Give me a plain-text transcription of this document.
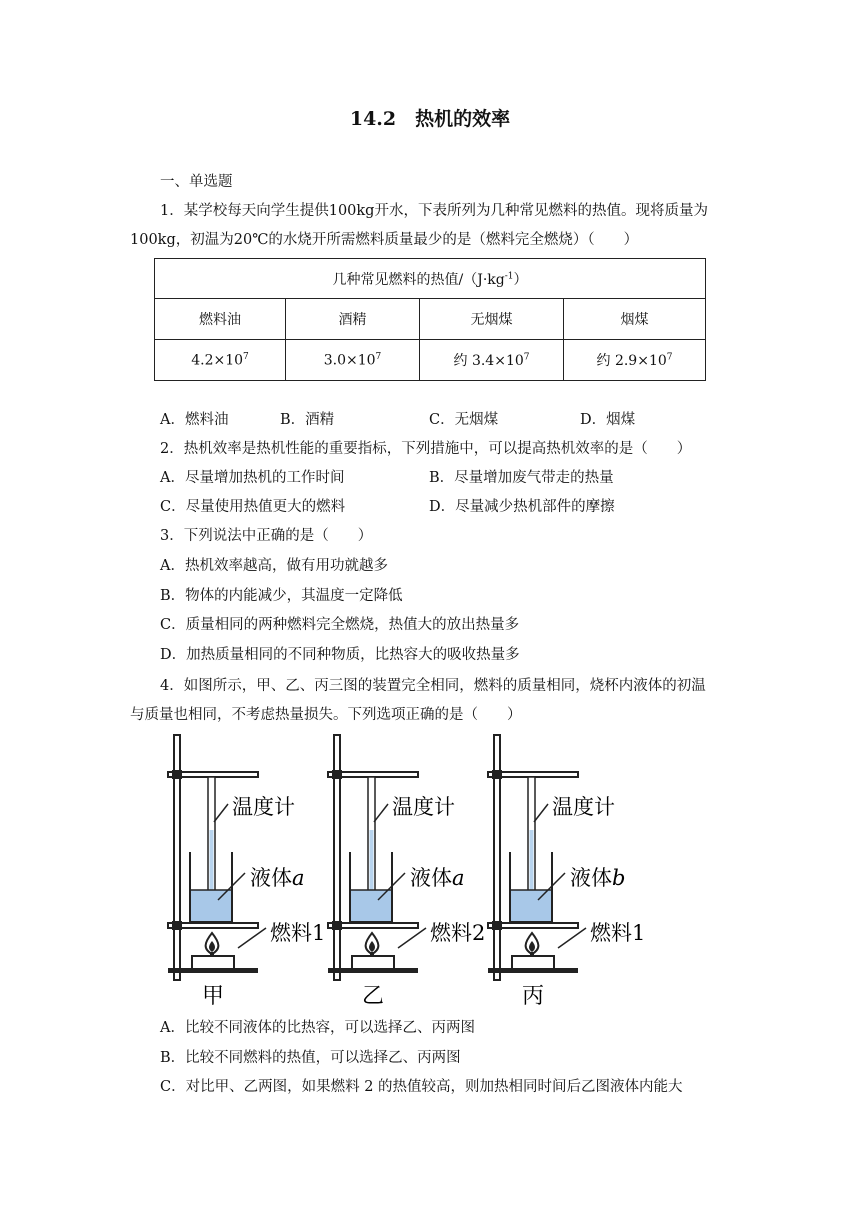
14.2　热机的效率
一、单选题
1．某学校每天向学生提供100kg开水，下表所列为几种常见燃料的热值。现将质量为
100kg，初温为20℃的水烧开所需燃料质量最少的是（燃料完全燃烧）（　　）
几种常见燃料的热值$/(J\cdot kg^{-1})$			
燃料油	酒精	无烟煤	烟煤
$4.2\times 10^7$	$3.0\times 10^7$	约 $3.4\times 10^7$	约 $2.9\times 10^7$
A．燃料油	B．酒精	C．无烟煤	D．烟煤
2．热机效率是热机性能的重要指标，下列措施中，可以提高热机效率的是（　　）
A．尽量增加热机的工作时间	B．尽量增加废气带走的热量
C．尽量使用热值更大的燃料	D．尽量减少热机部件的摩擦
3．下列说法中正确的是（　　）
A．热机效率越高，做有用功就越多
B．物体的内能减少，其温度一定降低
C．质量相同的两种燃料完全燃烧，热值大的放出热量多
D．加热质量相同的不同种物质，比热容大的吸收热量多
4．如图所示，甲、乙、丙三图的装置完全相同，燃料的质量相同，烧杯内液体的初温
与质量也相同，不考虑热量损失。下列选项正确的是（　　）
温度计
液体a
燃料1
甲
温度计
液体a
燃料2
乙
温度计
液体b
燃料1
丙
A．比较不同液体的比热容，可以选择乙、丙两图
B．比较不同燃料的热值，可以选择乙、丙两图
C．对比甲、乙两图，如果燃料 2 的热值较高，则加热相同时间后乙图液体内能大
